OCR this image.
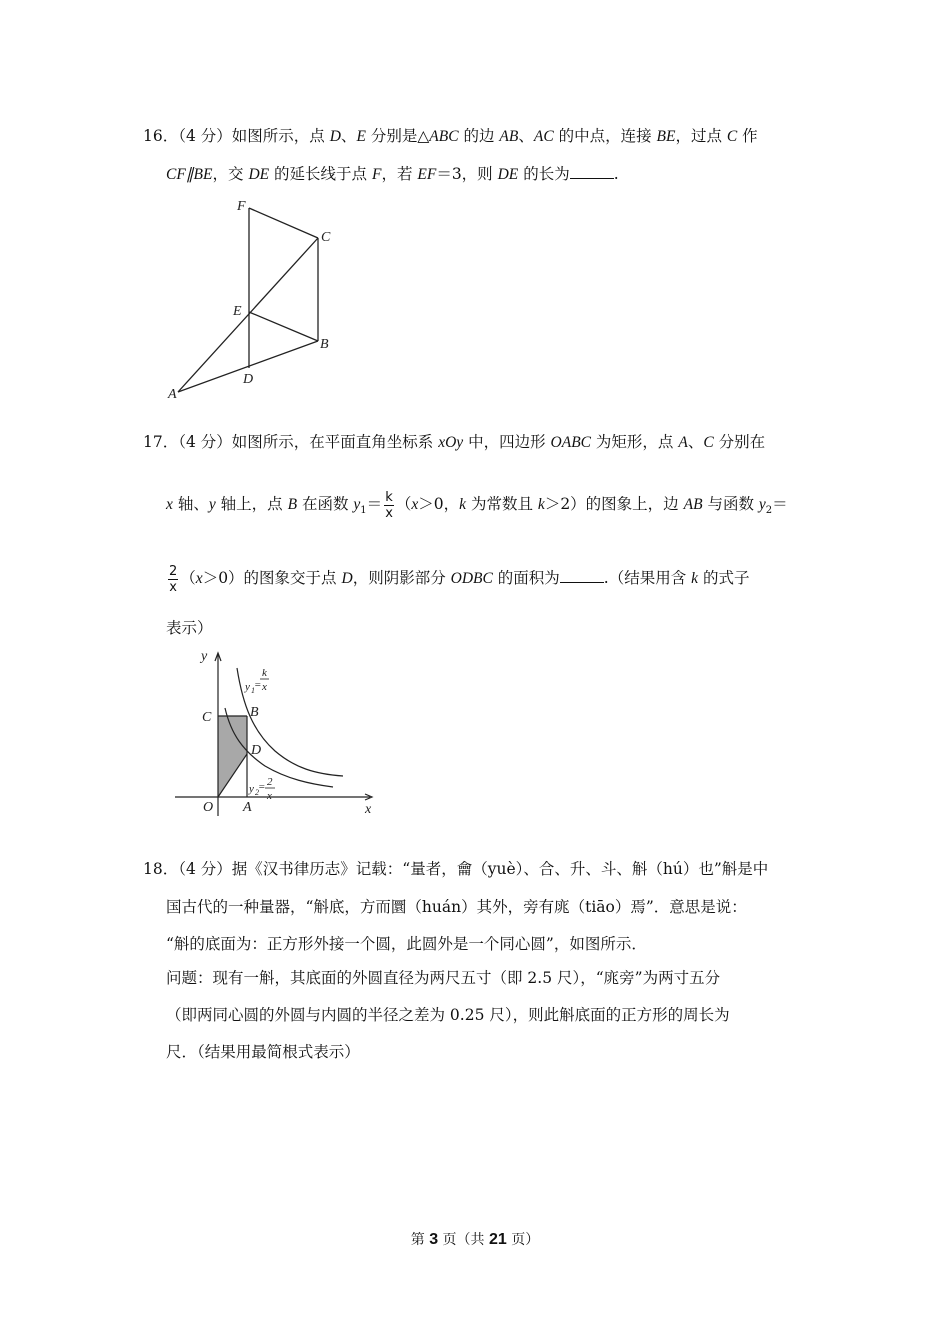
16．（4 分）如图所示，点 D、E 分别是△ABC 的边 AB、AC 的中点，连接 BE，过点 C 作
CF∥BE，交 DE 的延长线于点 F，若 EF＝3，则 DE 的长为	.
F
C
E
B
D
A
17．（4 分）如图所示，在平面直角坐标系 xOy 中，四边形 OABC 为矩形，点 A、C 分别在
x 轴、y 轴上，点 B 在函数 $y_1= \frac{k}{x} (x>0$，k 为常数且 k＞2）的图象上，边 AB 与函数 $y_2=$
$\frac{2}{x} (x>0)$的图象交于点 D，则阴影部分 ODBC 的面积为	.（结果用含 k 的式子
表示）
y
x
O A
B
C
D
y 1 =
k
x
y 2 = 2
x
18．（4 分）据《汉书律历志》记载：“量者，龠（yuè）、合、升、斗、斛（hú）也”斛是中
国古代的一种量器，“斛底，方而圜（huán）其外，旁有庣（tiāo）焉”．意思是说：
“斛的底面为：正方形外接一个圆，此圆外是一个同心圆”，如图所示．
问题：现有一斛，其底面的外圆直径为两尺五寸（即 2.5 尺），“庣旁”为两寸五分
（即两同心圆的外圆与内圆的半径之差为 0.25 尺），则此斛底面的正方形的周长为
尺．（结果用最简根式表示）
第 3 页（共 21 页）
